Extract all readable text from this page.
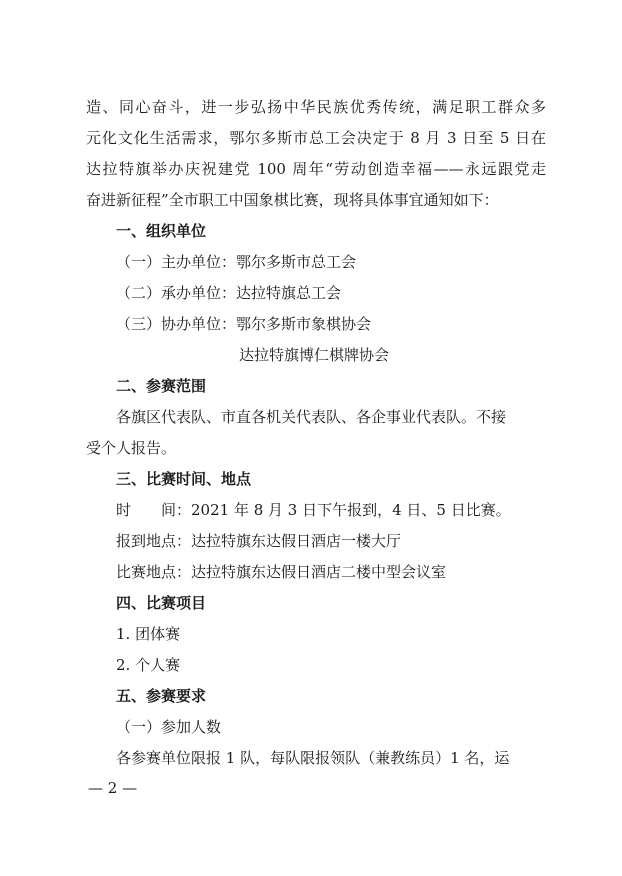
造、同心奋斗，进一步弘扬中华民族优秀传统，满足职工群众多
元化文化生活需求，鄂尔多斯市总工会决定于 8 月 3 日至 5 日在
达拉特旗举办庆祝建党 100 周年“劳动创造幸福——永远跟党走
奋进新征程”全市职工中国象棋比赛，现将具体事宜通知如下：
一、组织单位
（一）主办单位：鄂尔多斯市总工会
（二）承办单位：达拉特旗总工会
（三）协办单位：鄂尔多斯市象棋协会
达拉特旗博仁棋牌协会
二、参赛范围
各旗区代表队、市直各机关代表队、各企事业代表队。不接
受个人报告。
三、比赛时间、地点
时　　间：2021 年 8 月 3 日下午报到，4 日、5 日比赛。
报到地点：达拉特旗东达假日酒店一楼大厅
比赛地点：达拉特旗东达假日酒店二楼中型会议室
四、比赛项目
1. 团体赛
2. 个人赛
五、参赛要求
（一）参加人数
各参赛单位限报 1 队，每队限报领队（兼教练员）1 名，运
— 2 —
